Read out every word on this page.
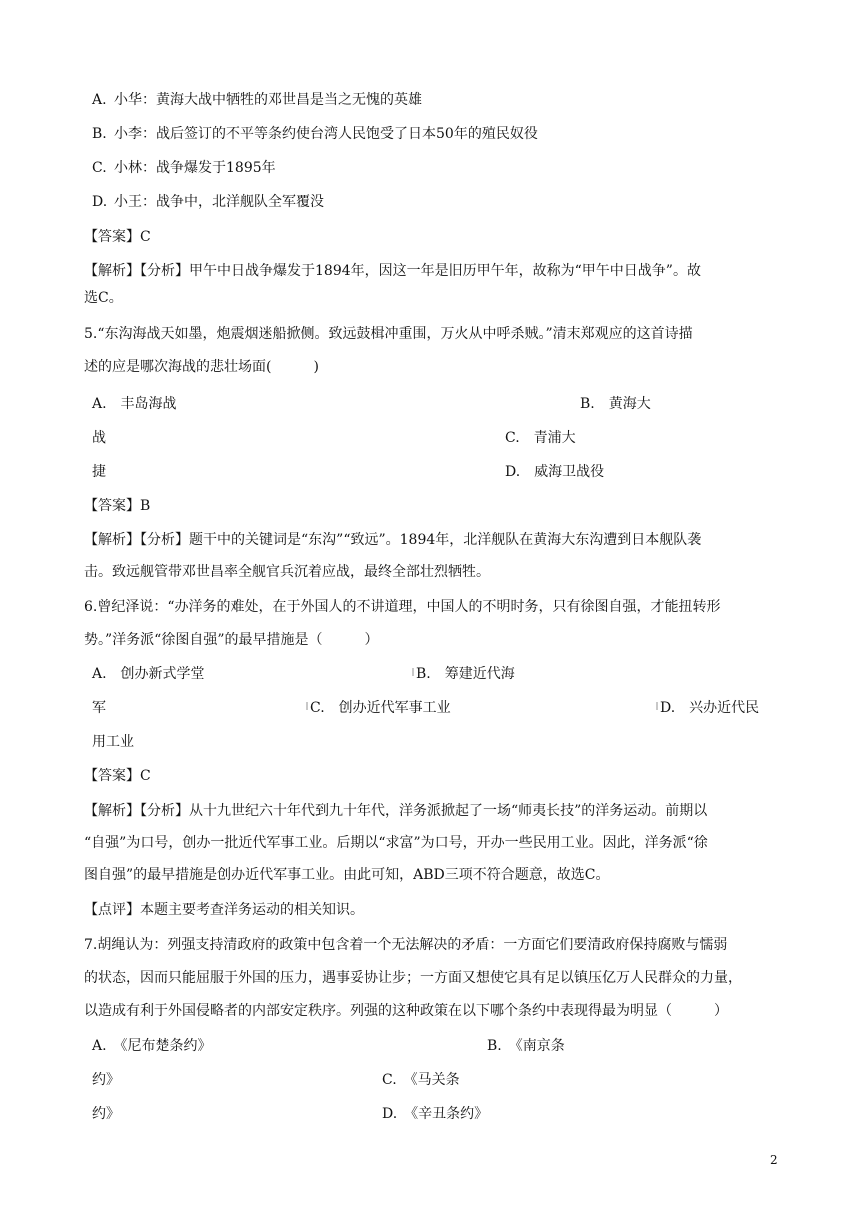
A. 小华：黄海大战中牺牲的邓世昌是当之无愧的英雄
B. 小李：战后签订的不平等条约使台湾人民饱受了日本50年的殖民奴役
C. 小林：战争爆发于1895年
D. 小王：战争中，北洋舰队全军覆没
【答案】C
【解析】【分析】甲午中日战争爆发于1894年，因这一年是旧历甲午年，故称为“甲午中日战争”。故
选C。
5.“东沟海战天如墨，炮震烟迷船掀侧。致远鼓楫冲重围，万火从中呼杀贼。”清末郑观应的这首诗描
述的应是哪次海战的悲壮场面(　　　)
A.　丰岛海战	B.　黄海大
战	C.　青浦大
捷	D.　威海卫战役
【答案】B
【解析】【分析】题干中的关键词是“东沟”“致远”。1894年，北洋舰队在黄海大东沟遭到日本舰队袭
击。致远舰管带邓世昌率全舰官兵沉着应战，最终全部壮烈牺牲。
6.曾纪泽说：“办洋务的难处，在于外国人的不讲道理，中国人的不明时务，只有徐图自强，才能扭转形
势。”洋务派“徐图自强”的最早措施是（　　　）
A.　创办新式学堂	B.　筹建近代海
军	C.　创办近代军事工业	D.　兴办近代民
用工业
【答案】C
【解析】【分析】从十九世纪六十年代到九十年代，洋务派掀起了一场“师夷长技”的洋务运动。前期以
“自强”为口号，创办一批近代军事工业。后期以“求富”为口号，开办一些民用工业。因此，洋务派“徐
图自强”的最早措施是创办近代军事工业。由此可知，ABD三项不符合题意，故选C。
【点评】本题主要考查洋务运动的相关知识。
7.胡绳认为：列强支持清政府的政策中包含着一个无法解决的矛盾：一方面它们要清政府保持腐败与懦弱
的状态，因而只能屈服于外国的压力，遇事妥协让步；一方面又想使它具有足以镇压亿万人民群众的力量，
以造成有利于外国侵略者的内部安定秩序。列强的这种政策在以下哪个条约中表现得最为明显（　　　）
A.　《尼布楚条约》	B.　《南京条
约》	C.　《马关条
约》	D.　《辛丑条约》
2
